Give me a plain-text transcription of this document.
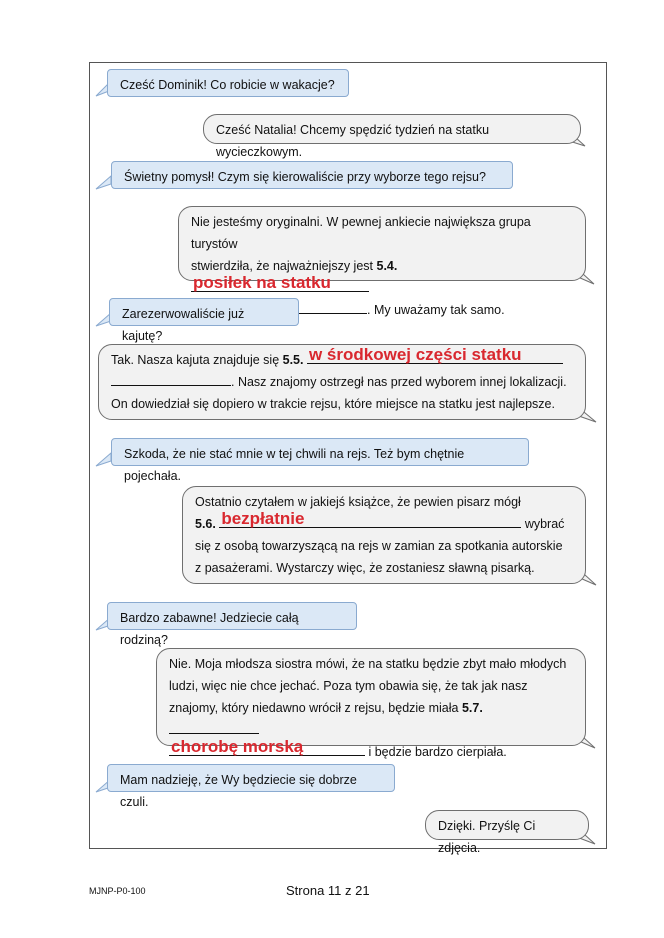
Cześć Dominik! Co robicie w wakacje?
Cześć Natalia! Chcemy spędzić tydzień na statku wycieczkowym.
Świetny pomysł! Czym się kierowaliście przy wyborze tego rejsu?
Nie jesteśmy oryginalni. W pewnej ankiecie największa grupa turystów
stwierdziła, że najważniejszy jest 5.4.
posiłek na statku
. My uważamy tak samo.
Zarezerwowaliście już kajutę?
Tak. Nasza kajuta znajduje się 5.5. w środkowej części statku
. Nasz znajomy ostrzegł nas przed wyborem innej lokalizacji.
On dowiedział się dopiero w trakcie rejsu, które miejsce na statku jest najlepsze.
Szkoda, że nie stać mnie w tej chwili na rejs. Też bym chętnie pojechała.
Ostatnio czytałem w jakiejś książce, że pewien pisarz mógł
5.6. bezpłatnie	wybrać
się z osobą towarzyszącą na rejs w zamian za spotkania autorskie
z pasażerami. Wystarczy więc, że zostaniesz sławną pisarką.
Bardzo zabawne! Jedziecie całą rodziną?
Nie. Moja młodsza siostra mówi, że na statku będzie zbyt mało młodych
ludzi, więc nie chce jechać. Poza tym obawia się, że tak jak nasz
znajomy, który niedawno wrócił z rejsu, będzie miała 5.7.
chorobę morską	i będzie bardzo cierpiała.
Mam nadzieję, że Wy będziecie się dobrze czuli.
Dzięki. Przyślę Ci zdjęcia.
MJNP-P0-100	Strona 11 z 21
